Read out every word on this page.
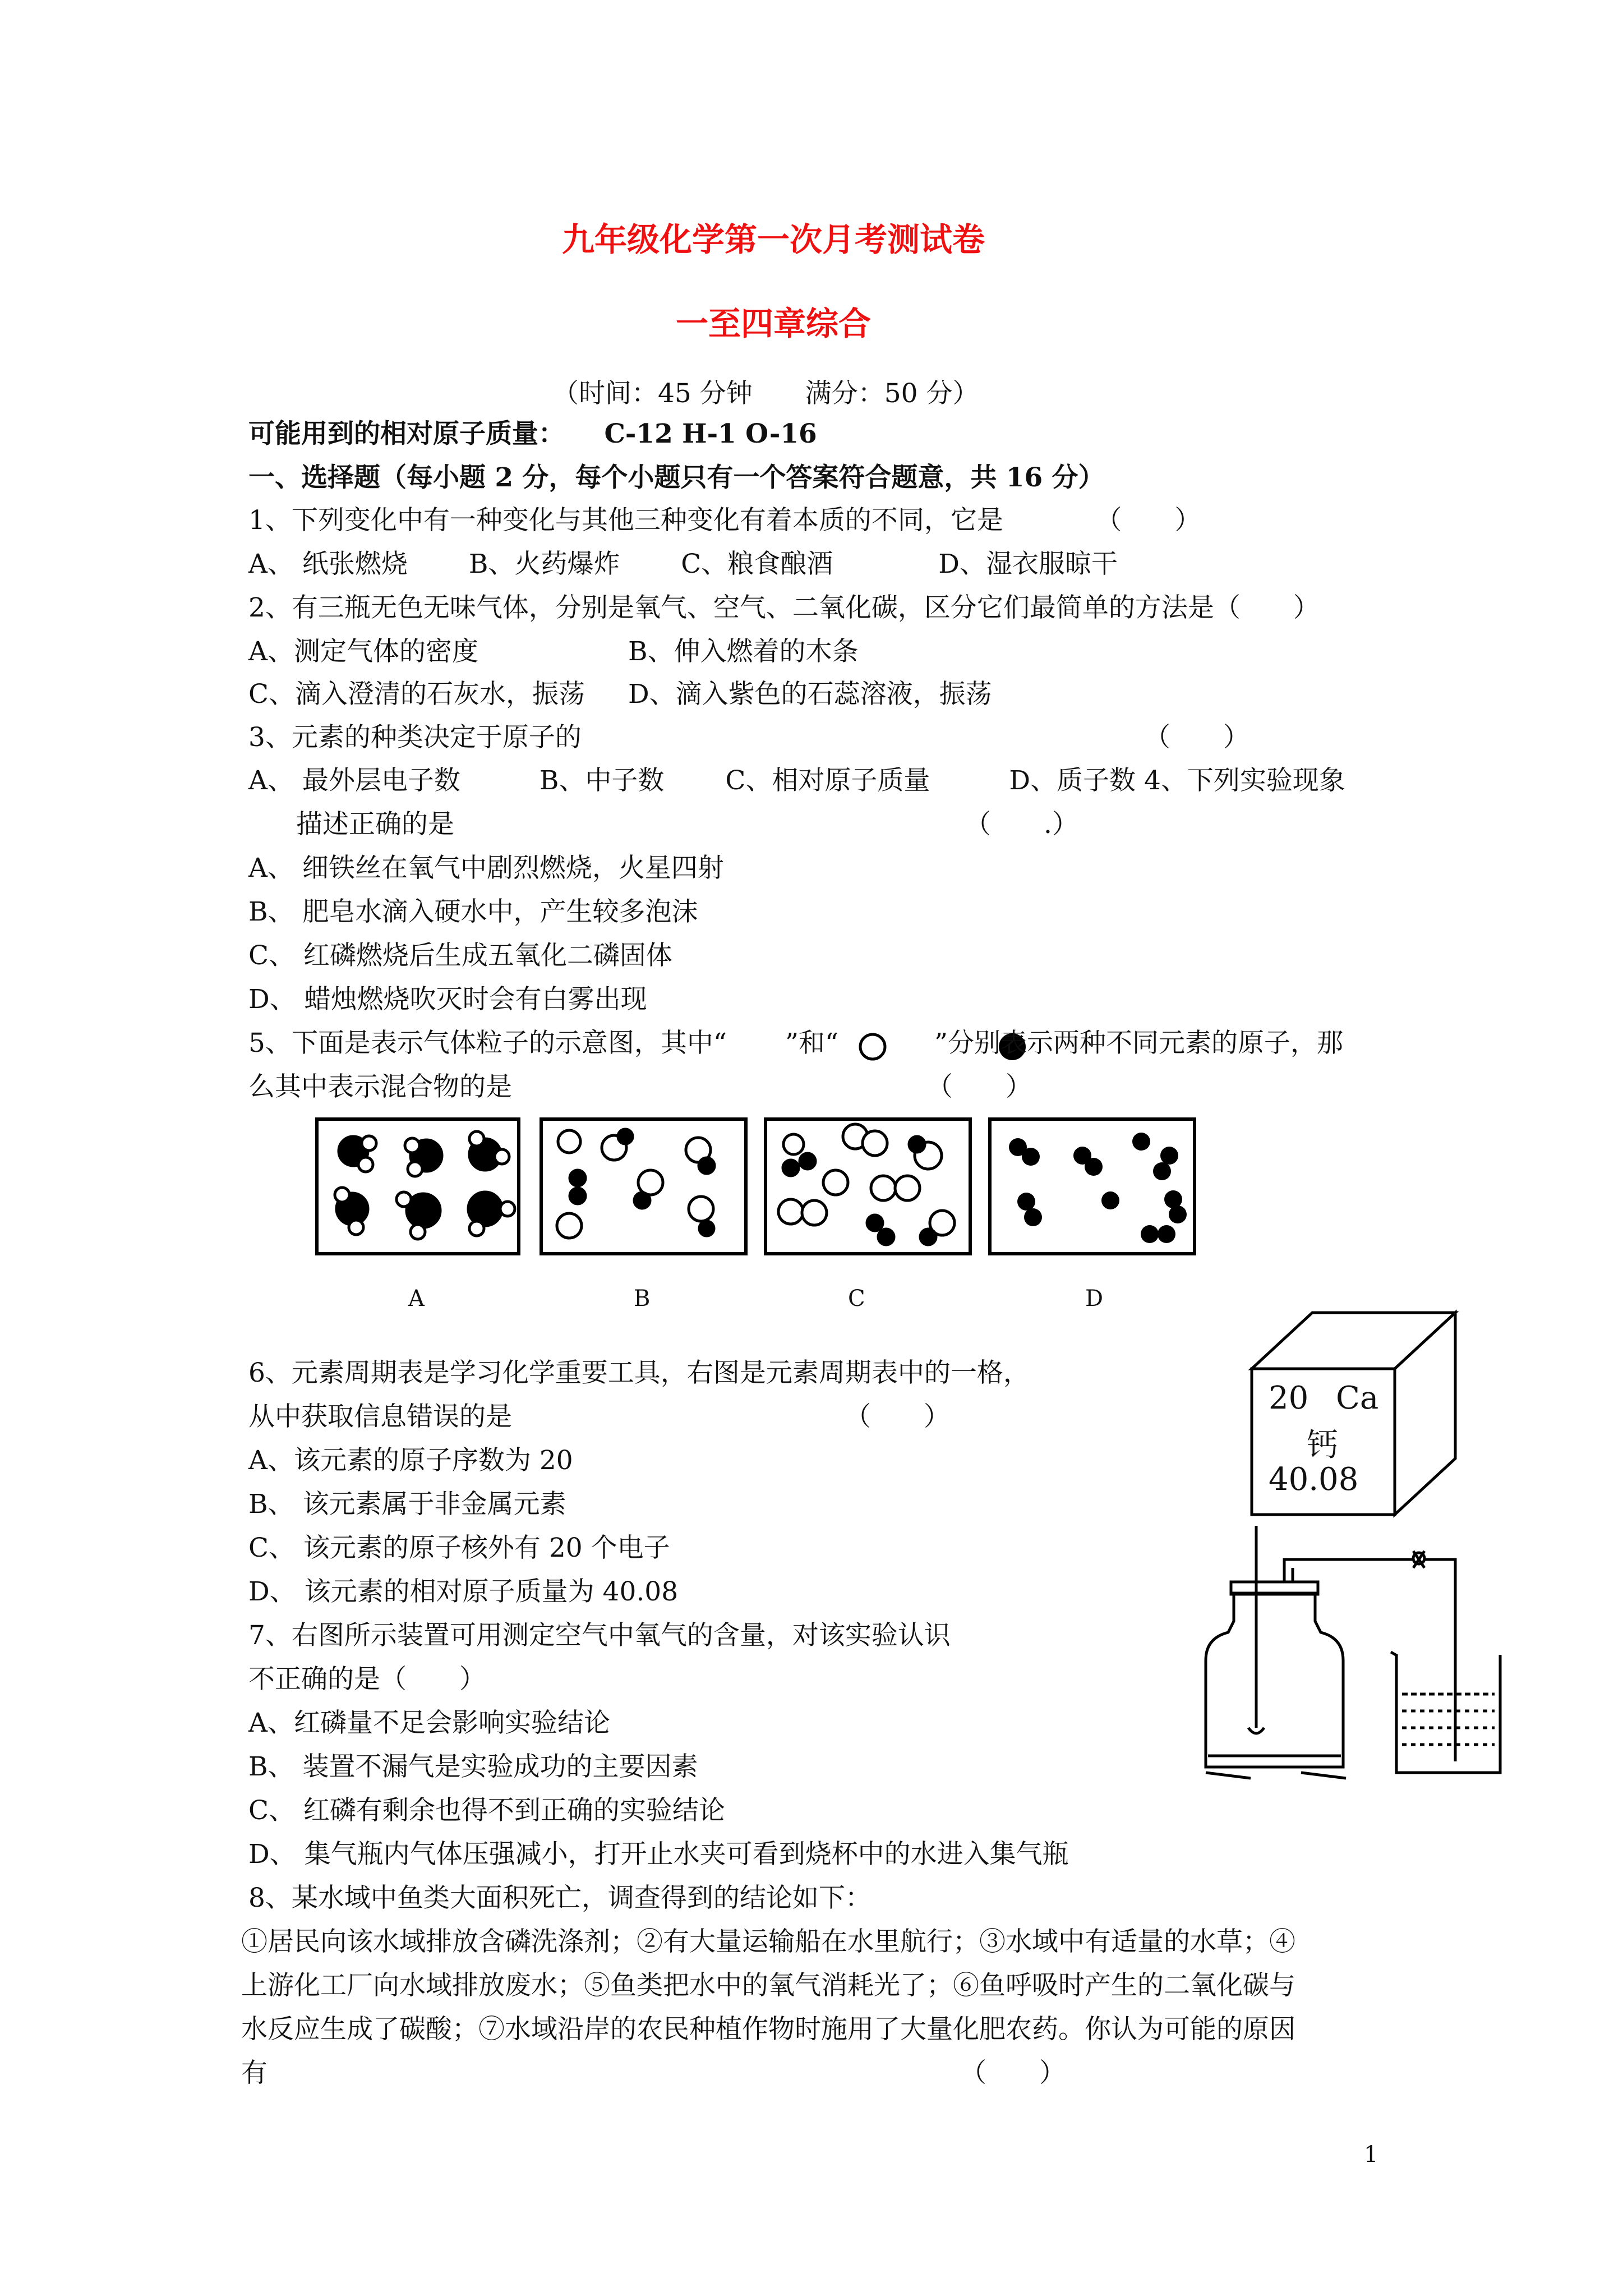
九年级化学第一次月考测试卷
一至四章综合
（时间：45 分钟　　满分：50 分）
可能用到的相对原子质量：　　C-12 H-1 O-16
一、选择题（每小题 2 分，每个小题只有一个答案符合题意，共 16 分）
1、下列变化中有一种变化与其他三种变化有着本质的不同，它是　　　　（　　）
A、 纸张燃烧　　 B、火药爆炸　　 C、粮食酿酒　　　　D、湿衣服晾干
2、有三瓶无色无味气体，分别是氧气、空气、二氧化碳，区分它们最简单的方法是（　　）
A、测定气体的密度	B、伸入燃着的木条
C、滴入澄清的石灰水，振荡 D、滴入紫色的石蕊溶液，振荡
3、元素的种类决定于原子的	（　　）
A、 最外层电子数　　　B、中子数　　 C、相对原子质量　　　D、质子数 4、下列实验现象
描述正确的是	（　　.）
A、 细铁丝在氧气中剧烈燃烧，火星四射
B、 肥皂水滴入硬水中，产生较多泡沫
C、 红磷燃烧后生成五氧化二磷固体
D、 蜡烛燃烧吹灭时会有白雾出现
5、下面是表示气体粒子的示意图，其中“ ”和“	”分别表示两种不同元素的原子，那
么其中表示混合物的是	（　　）
A	B	C	D
6、元素周期表是学习化学重要工具，右图是元素周期表中的一格，
从中获取信息错误的是	（　　）
A、该元素的原子序数为 20
B、 该元素属于非金属元素
C、 该元素的原子核外有 20 个电子
D、 该元素的相对原子质量为 40.08
20 Ca
钙
40.08
7、右图所示装置可用测定空气中氧气的含量，对该实验认识
不正确的是（　　）
A、红磷量不足会影响实验结论
B、 装置不漏气是实验成功的主要因素
C、 红磷有剩余也得不到正确的实验结论
D、 集气瓶内气体压强减小，打开止水夹可看到烧杯中的水进入集气瓶
8、某水域中鱼类大面积死亡，调查得到的结论如下：
①居民向该水域排放含磷洗涤剂；②有大量运输船在水里航行；③水域中有适量的水草；④
上游化工厂向水域排放废水；⑤鱼类把水中的氧气消耗光了；⑥鱼呼吸时产生的二氧化碳与
水反应生成了碳酸；⑦水域沿岸的农民种植作物时施用了大量化肥农药。你认为可能的原因
有	（　　）
1
